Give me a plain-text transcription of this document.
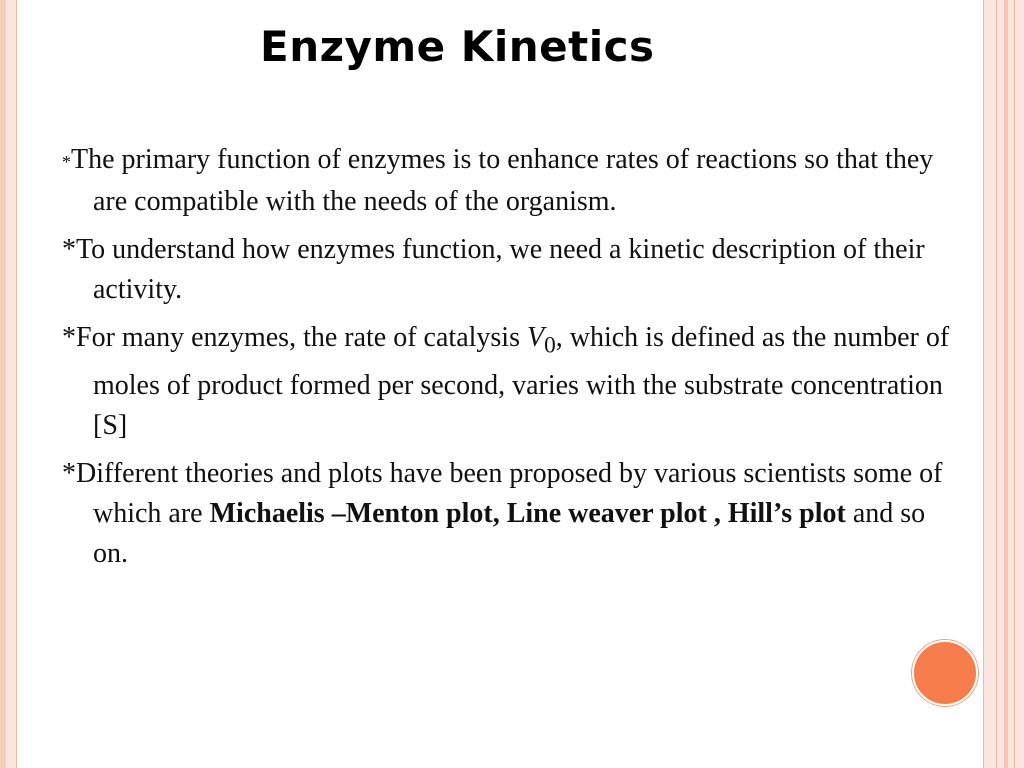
Enzyme Kinetics

*The primary function of enzymes is to enhance rates of reactions so that they are compatible with the needs of the organism.

*To understand how enzymes function, we need a kinetic description of their activity.

*For many enzymes, the rate of catalysis $V_0$, which is defined as the number of moles of product formed per second, varies with the substrate concentration [S]

*Different theories and plots have been proposed by various scientists some of which are Michaelis –Menton plot, Line weaver plot , Hill’s plot and so on.
